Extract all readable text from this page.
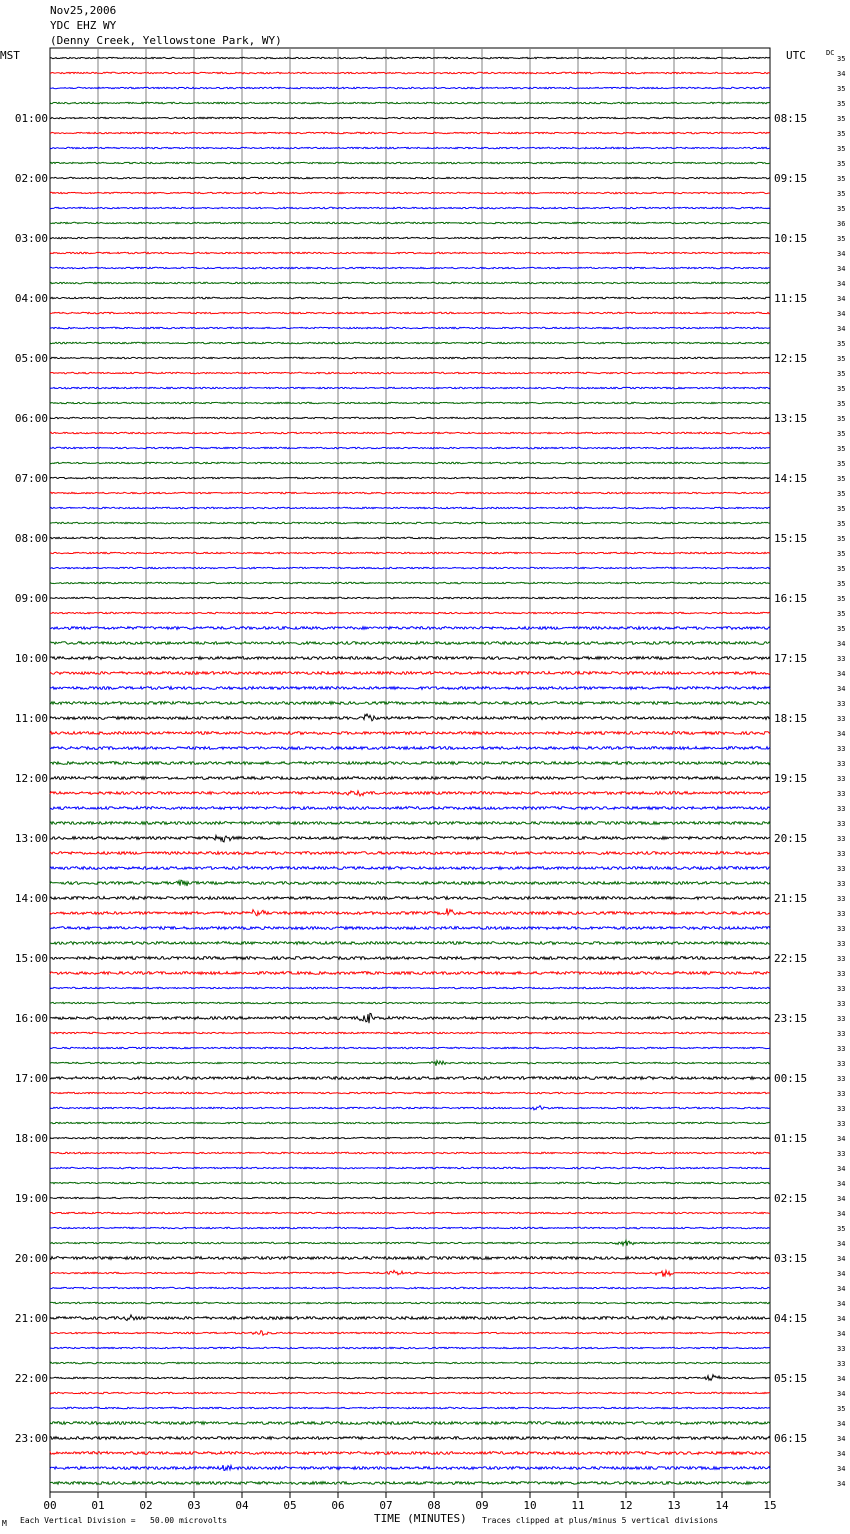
Nov25,2006
YDC EHZ WY
(Denny Creek, Yellowstone Park, WY)
MST	UTC	DC
35
34
35
35
35
35
35
35
35
35
35
36
35
34
34
34
34
34
34
35
35
35
35
35
35
35
35
35
35
35
35
35
35
35
35
35
35
35
35
34
33
34
34
33
33
34
33
33
33
33
33
33
33
33
33
33
33
33
33
33
33
33
33
33
33
33
33
33
33
33
33
33
34
33
34
34
34
34
35
34
34
34
34
34
34
34
33
33
34
34
35
34
34
34
34
34
01:00	08:15
02:00	09:15
03:00	10:15
04:00	11:15
05:00	12:15
06:00	13:15
07:00	14:15
08:00	15:15
09:00	16:15
10:00	17:15
11:00	18:15
12:00	19:15
13:00	20:15
14:00	21:15
15:00	22:15
16:00	23:15
17:00	00:15
18:00	01:15
19:00	02:15
20:00	03:15
21:00	04:15
22:00	05:15
23:00	06:15
00	01	02	03	04	05	06	07	08	09	10	11	12	13	14	15
M Each Vertical Division =   50.00 microvolts	TIME (MINUTES) Traces clipped at plus/minus 5 vertical divisions
